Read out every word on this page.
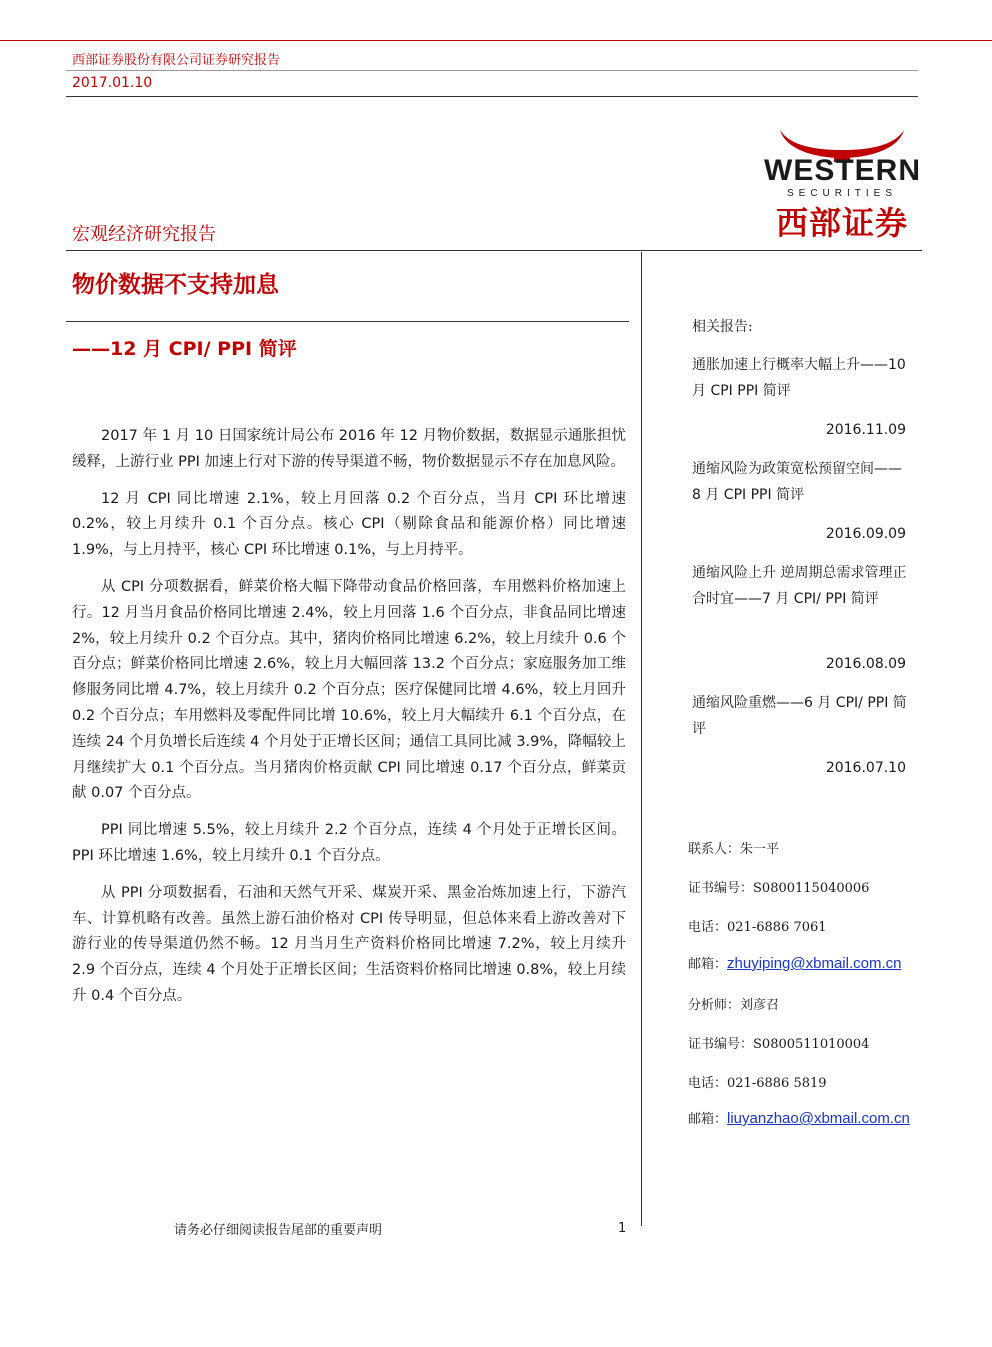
西部证券股份有限公司证券研究报告
2017.01.10
WESTERN
SECURITIES
西部证券
宏观经济研究报告
物价数据不支持加息
——12 月 CPI/ PPI 简评

2017 年 1 月 10 日国家统计局公布 2016 年 12 月物价数据，数据显示通胀担忧缓释，上游行业 PPI 加速上行对下游的传导渠道不畅，物价数据显示不存在加息风险。

12 月 CPI 同比增速 2.1%，较上月回落 0.2 个百分点，当月 CPI 环比增速 0.2%，较上月续升 0.1 个百分点。核心 CPI（剔除食品和能源价格）同比增速 1.9%，与上月持平，核心 CPI 环比增速 0.1%，与上月持平。

从 CPI 分项数据看，鲜菜价格大幅下降带动食品价格回落，车用燃料价格加速上行。12 月当月食品价格同比增速 2.4%，较上月回落 1.6 个百分点，非食品同比增速 2%，较上月续升 0.2 个百分点。其中，猪肉价格同比增速 6.2%，较上月续升 0.6 个百分点；鲜菜价格同比增速 2.6%，较上月大幅回落 13.2 个百分点；家庭服务加工维修服务同比增 4.7%，较上月续升 0.2 个百分点；医疗保健同比增 4.6%，较上月回升 0.2 个百分点；车用燃料及零配件同比增 10.6%，较上月大幅续升 6.1 个百分点，在连续 24 个月负增长后连续 4 个月处于正增长区间；通信工具同比减 3.9%，降幅较上月继续扩大 0.1 个百分点。当月猪肉价格贡献 CPI 同比增速 0.17 个百分点，鲜菜贡献 0.07 个百分点。

PPI 同比增速 5.5%，较上月续升 2.2 个百分点，连续 4 个月处于正增长区间。PPI 环比增速 1.6%，较上月续升 0.1 个百分点。

从 PPI 分项数据看，石油和天然气开采、煤炭开采、黑金冶炼加速上行，下游汽车、计算机略有改善。虽然上游石油价格对 CPI 传导明显，但总体来看上游改善对下游行业的传导渠道仍然不畅。12 月当月生产资料价格同比增速 7.2%，较上月续升 2.9 个百分点，连续 4 个月处于正增长区间；生活资料价格同比增速 0.8%，较上月续升 0.4 个百分点。

相关报告:
通胀加速上行概率大幅上升——10 月 CPI PPI 简评
2016.11.09
通缩风险为政策宽松预留空间——8 月 CPI PPI 简评
2016.09.09
通缩风险上升 逆周期总需求管理正合时宜——7 月 CPI/ PPI 简评
2016.08.09
通缩风险重燃——6 月 CPI/ PPI 简评
2016.07.10
联系人：朱一平
证书编号：S0800115040006
电话：021-6886 7061
邮箱：zhuyiping@xbmail.com.cn
分析师：刘彦召
证书编号：S0800511010004
电话：021-6886 5819
邮箱：liuyanzhao@xbmail.com.cn
请务必仔细阅读报告尾部的重要声明	1
